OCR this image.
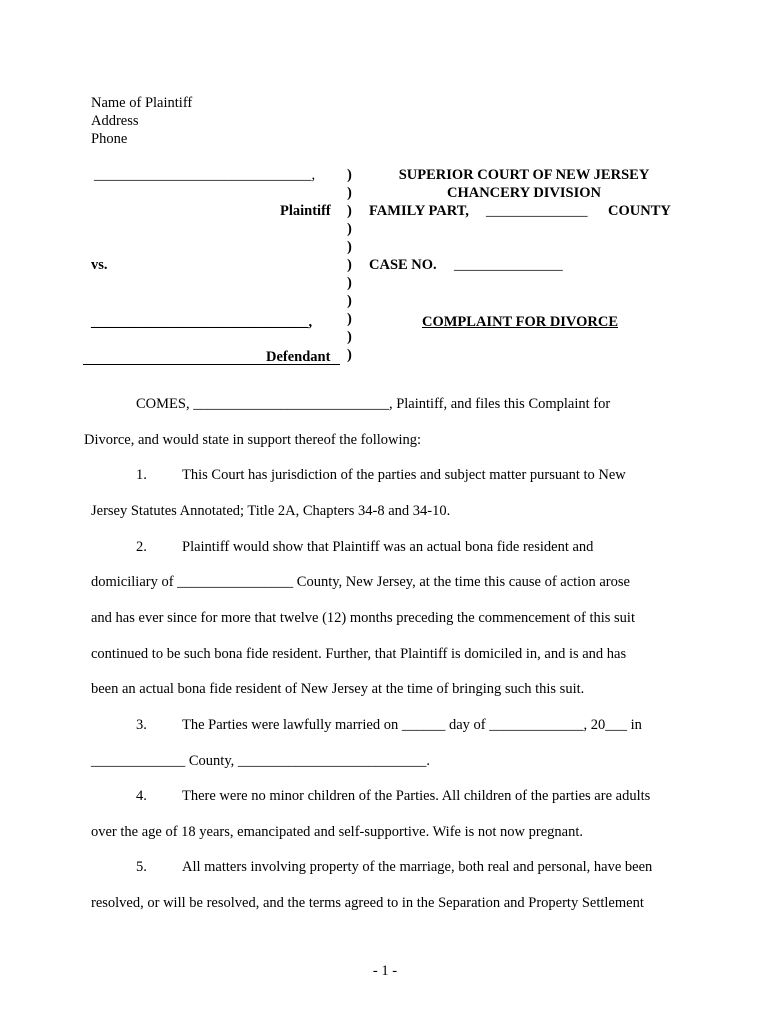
Name of Plaintiff
Address
Phone
______________________________,
Plaintiff
vs.
______________________________,
Defendant
)
)
)
)
)
)
)
)
)
)
)
SUPERIOR COURT OF NEW JERSEY
CHANCERY DIVISION
FAMILY PART, ______________ COUNTY
CASE NO. _______________
COMPLAINT FOR DIVORCE
COMES, ___________________________, Plaintiff, and files this Complaint for
Divorce, and would state in support thereof the following:
1. This Court has jurisdiction of the parties and subject matter pursuant to New
Jersey Statutes Annotated; Title 2A, Chapters 34-8 and 34-10.
2. Plaintiff would show that Plaintiff was an actual bona fide resident and
domiciliary of ________________ County, New Jersey, at the time this cause of action arose
and has ever since for more that twelve (12) months preceding the commencement of this suit
continued to be such bona fide resident. Further, that Plaintiff is domiciled in, and is and has
been an actual bona fide resident of New Jersey at the time of bringing such this suit.
3. The Parties were lawfully married on ______ day of _____________, 20___ in
_____________ County, __________________________.
4. There were no minor children of the Parties. All children of the parties are adults
over the age of 18 years, emancipated and self-supportive. Wife is not now pregnant.
5. All matters involving property of the marriage, both real and personal, have been
resolved, or will be resolved, and the terms agreed to in the Separation and Property Settlement
- 1 -
